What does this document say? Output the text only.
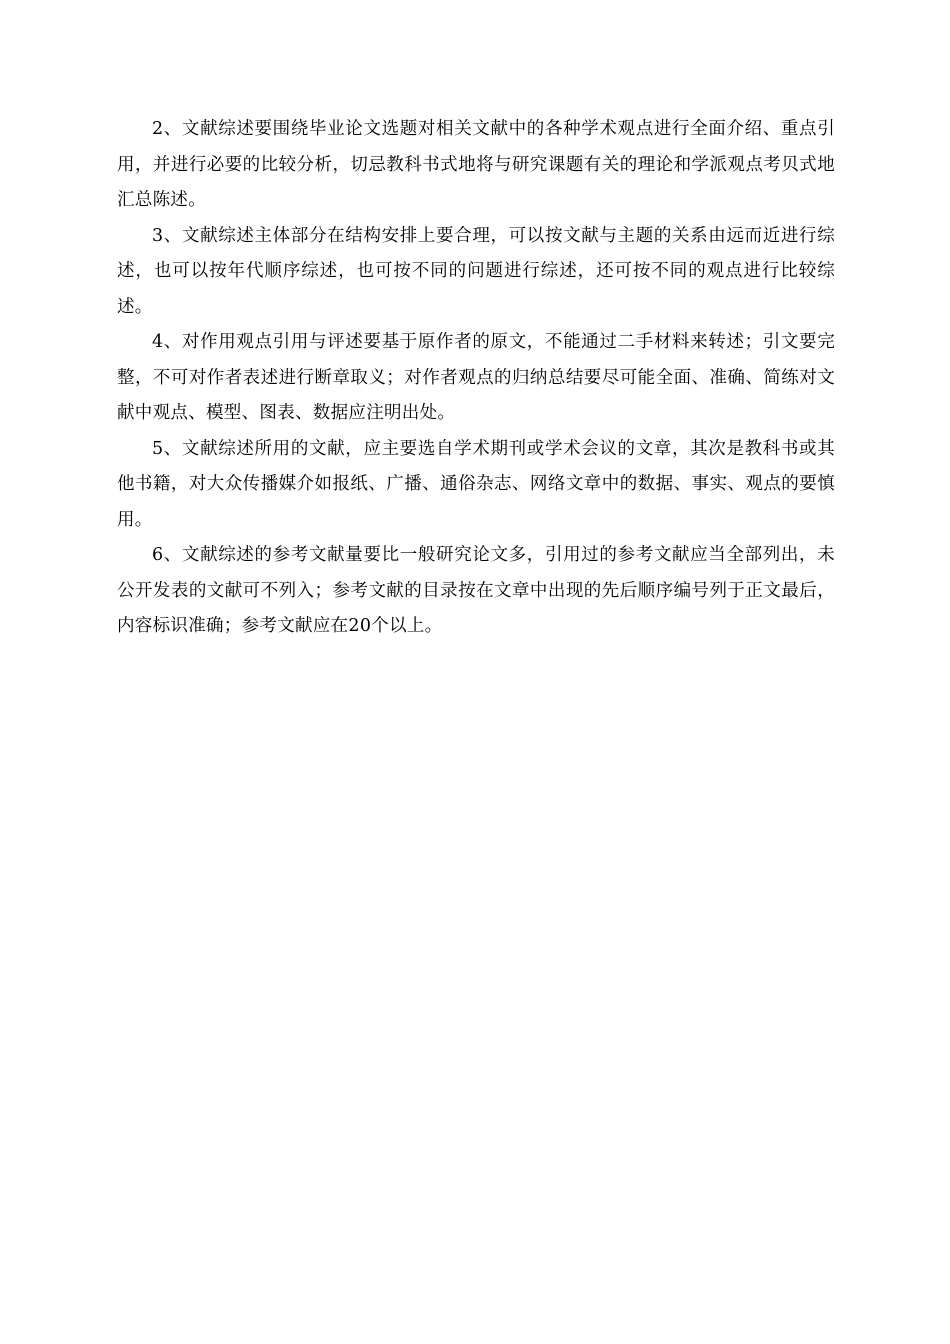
2、文献综述要围绕毕业论文选题对相关文献中的各种学术观点进行全面介绍、重点引用，并进行必要的比较分析，切忌教科书式地将与研究课题有关的理论和学派观点考贝式地汇总陈述。

3、文献综述主体部分在结构安排上要合理，可以按文献与主题的关系由远而近进行综述，也可以按年代顺序综述，也可按不同的问题进行综述，还可按不同的观点进行比较综述。

4、对作用观点引用与评述要基于原作者的原文，不能通过二手材料来转述；引文要完整，不可对作者表述进行断章取义；对作者观点的归纳总结要尽可能全面、准确、简练对文献中观点、模型、图表、数据应注明出处。

5、文献综述所用的文献，应主要选自学术期刊或学术会议的文章，其次是教科书或其他书籍，对大众传播媒介如报纸、广播、通俗杂志、网络文章中的数据、事实、观点的要慎用。

6、文献综述的参考文献量要比一般研究论文多，引用过的参考文献应当全部列出，未公开发表的文献可不列入；参考文献的目录按在文章中出现的先后顺序编号列于正文最后，内容标识准确；参考文献应在20个以上。
